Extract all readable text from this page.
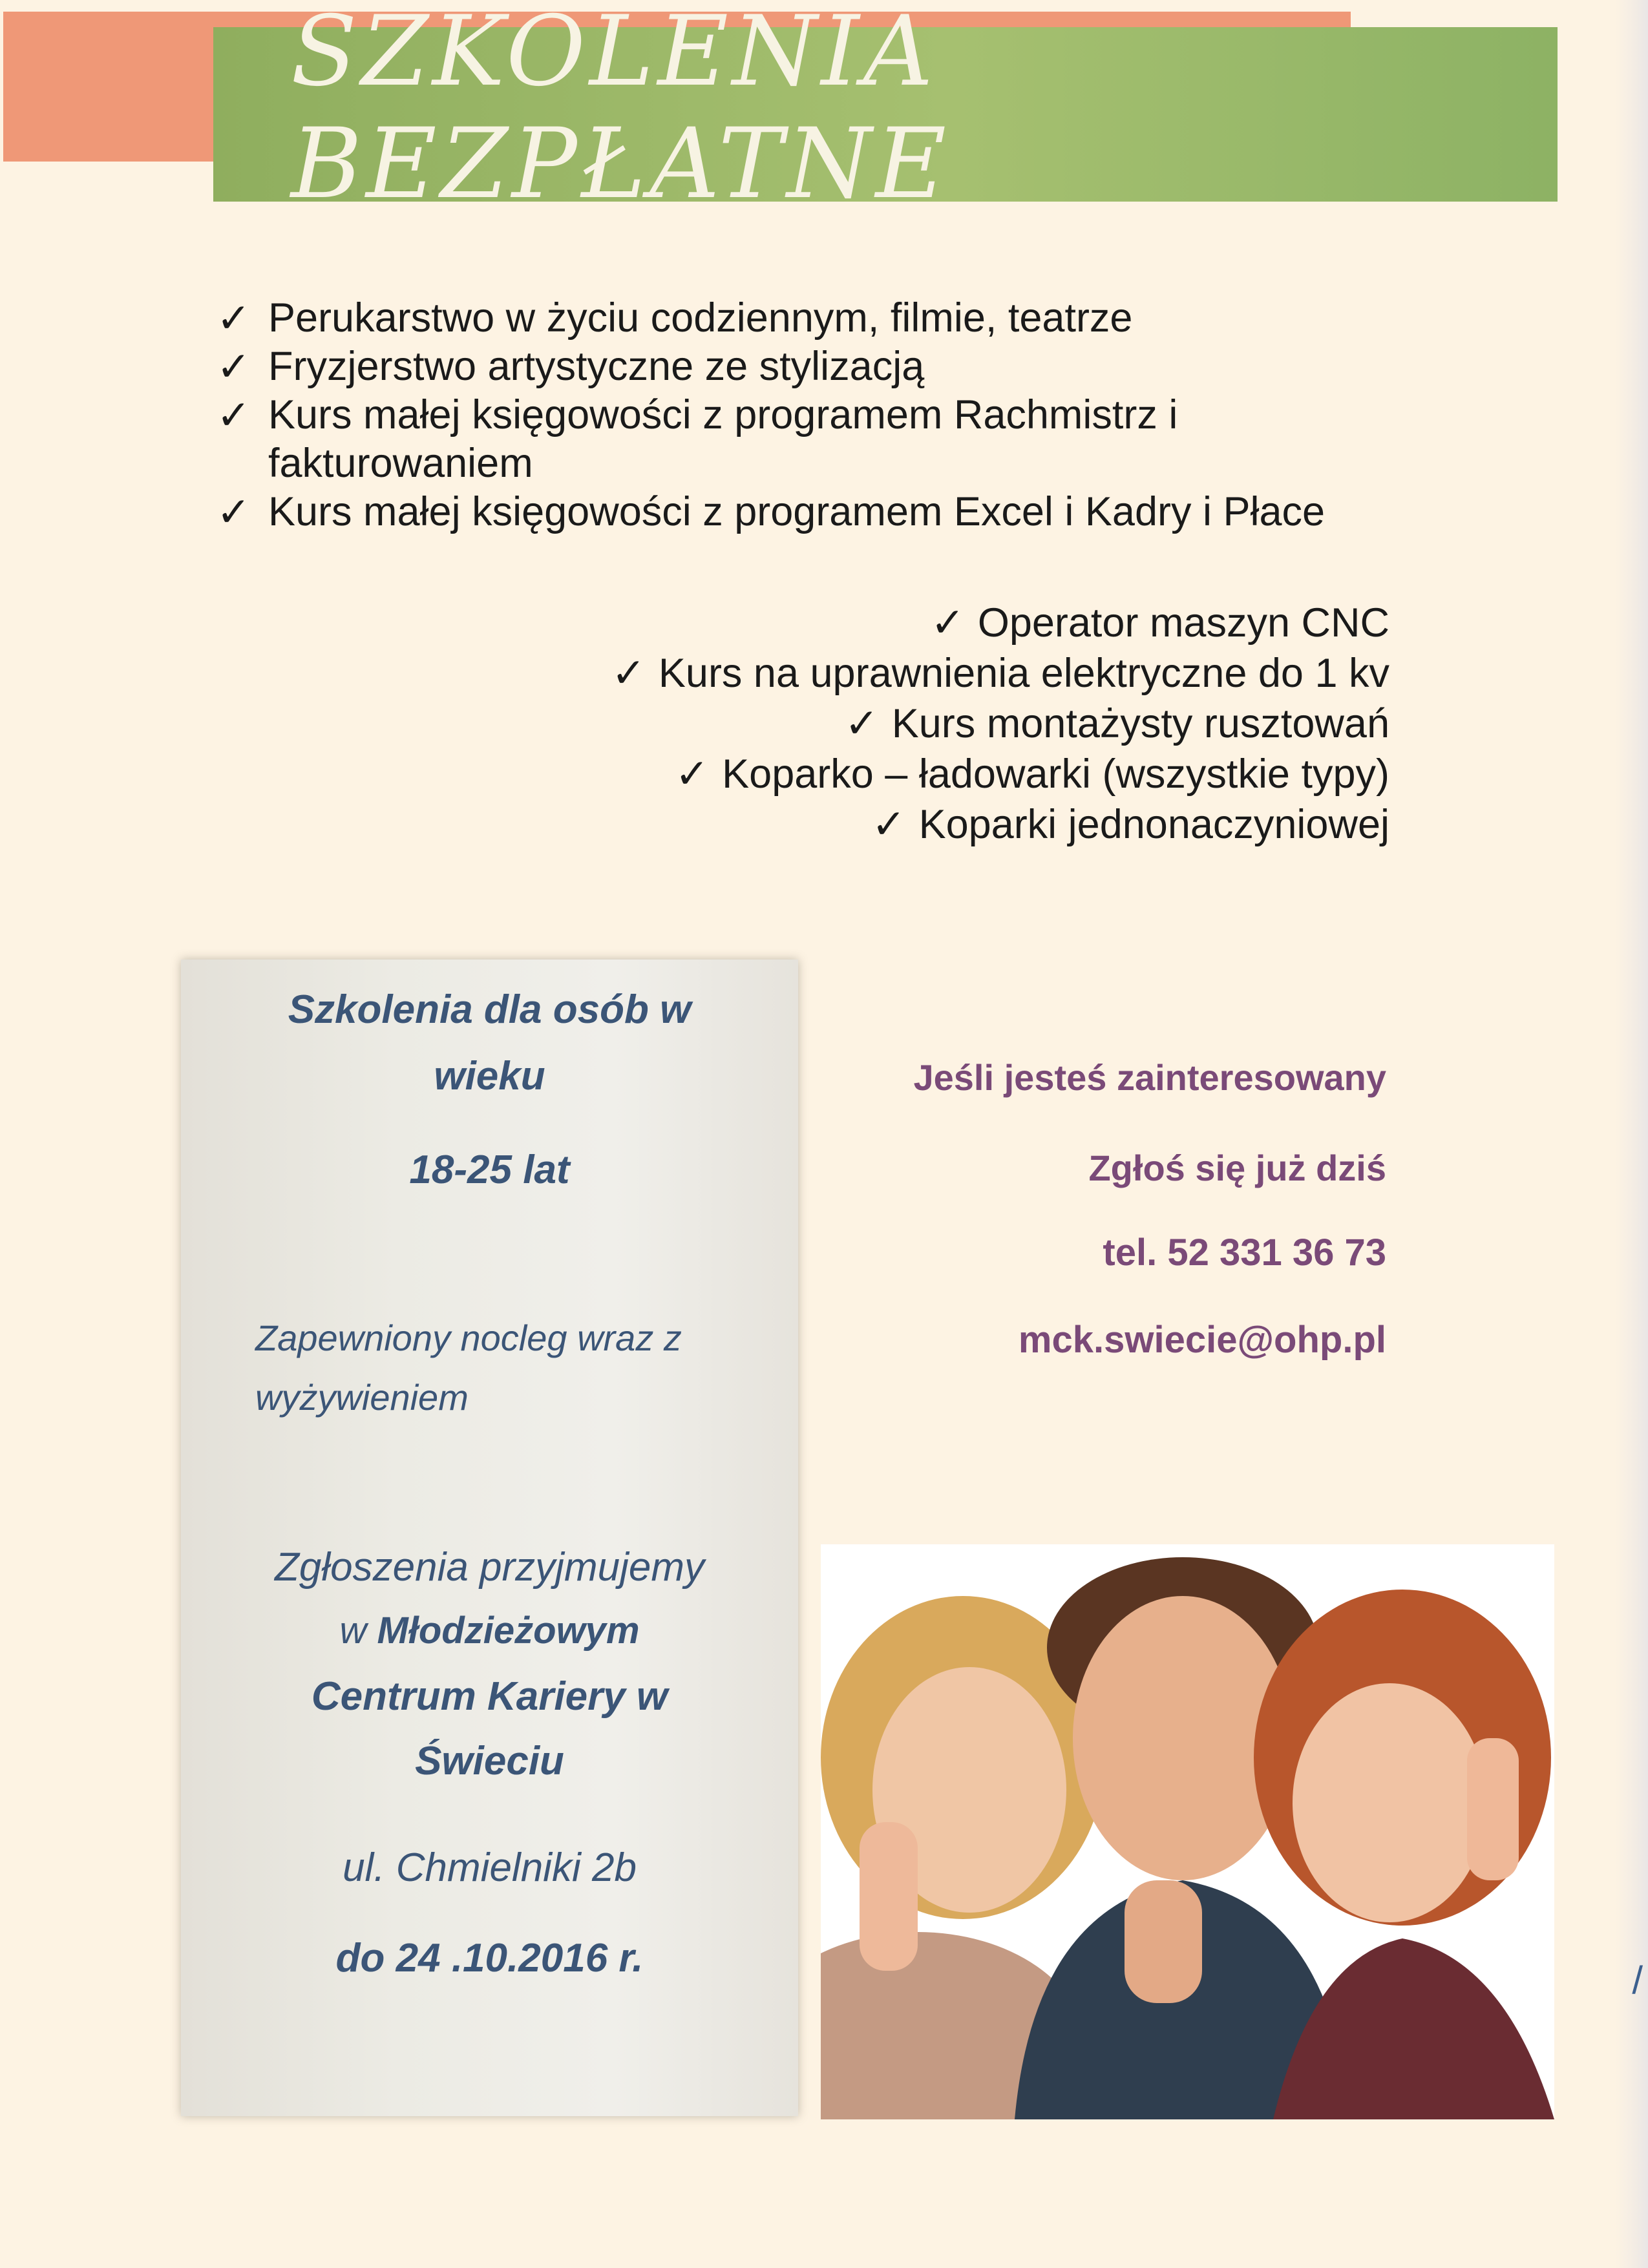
SZKOLENIA BEZPŁATNE

✓ Perukarstwo w życiu codziennym, filmie, teatrze

✓ Fryzjerstwo artystyczne ze stylizacją

✓ Kurs małej księgowości z programem Rachmistrz i

fakturowaniem

✓ Kurs małej księgowości z programem Excel i Kadry i Płace

✓ Operator maszyn CNC

✓ Kurs na uprawnienia elektryczne do 1 kv

✓ Kurs montażysty rusztowań

✓ Koparko – ładowarki (wszystkie typy)

✓ Koparki jednonaczyniowej

Szkolenia dla osób w
wieku
18-25 lat
Zapewniony nocleg wraz z
wyżywieniem
Zgłoszenia przyjmujemy
w Młodzieżowym
Centrum Kariery w
Świeciu
ul. Chmielniki 2b
do 24 .10.2016 r.
Jeśli jesteś zainteresowany
Zgłoś się już dziś
tel. 52 331 36 73
mck.swiecie@ohp.pl
/
